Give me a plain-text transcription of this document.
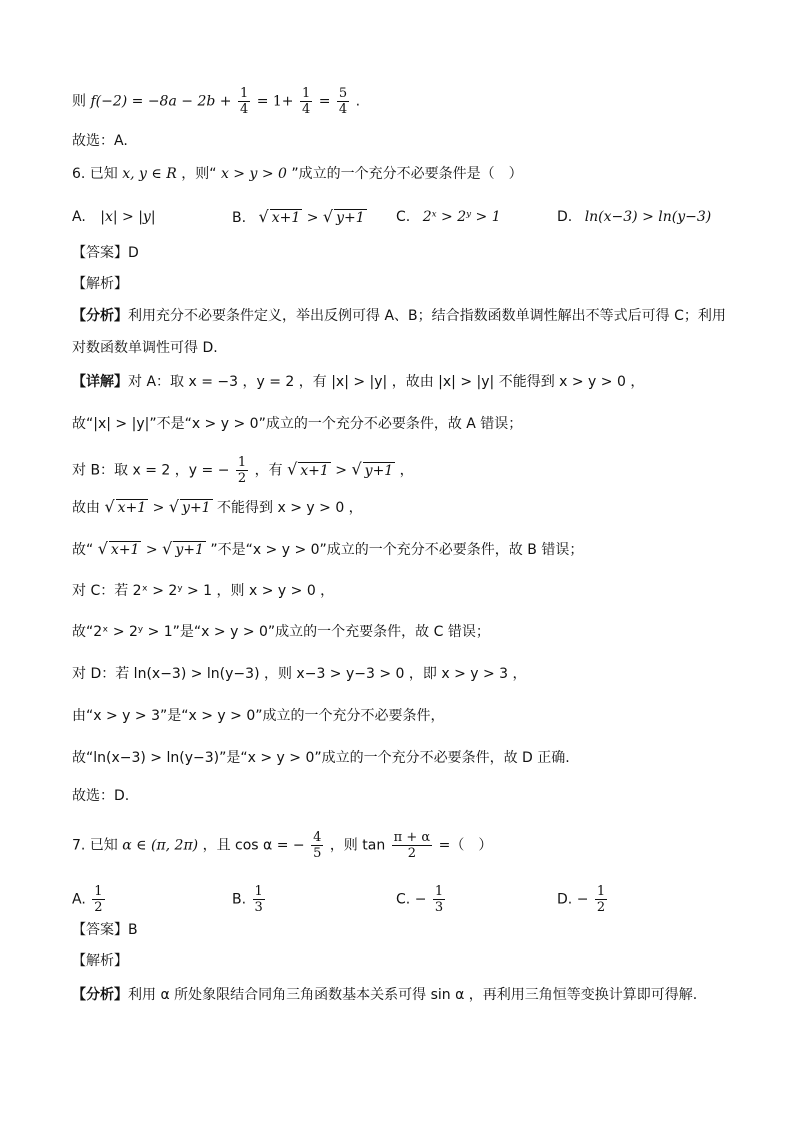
则 $f(-2) = -8a - 2b + \frac{1}{4} = 1+ \frac{1}{4} = \frac{5}{4}$ .
故选：A.
6. 已知 x, y ∈ R ，则“ x > y > 0 ”成立的一个充分不必要条件是（　）
A. |x| > |y|	B. √ x+1 > √ y+1 C. 2ˣ > 2ʸ > 1	D. ln(x−3) > ln(y−3)
【答案】D
【解析】
【分析】利用充分不必要条件定义，举出反例可得 A、B；结合指数函数单调性解出不等式后可得 C；利用
对数函数单调性可得 D.
【详解】对 A：取 x = −3 ，y = 2 ，有 |x| > |y| ，故由 |x| > |y| 不能得到 x > y > 0 ，
故“|x| > |y|”不是“x > y > 0”成立的一个充分不必要条件，故 A 错误；
对 B：取 x = 2 ，y = − $\frac{1}{2}$ ，有 √ x+1 > √ y+1 ，
故由 √ x+1 > √ y+1 不能得到 x > y > 0 ，
故“ √ x+1 > √ y+1 ”不是“x > y > 0”成立的一个充分不必要条件，故 B 错误；
对 C：若 2ˣ > 2ʸ > 1 ，则 x > y > 0 ，
故“2ˣ > 2ʸ > 1”是“x > y > 0”成立的一个充要条件，故 C 错误；
对 D：若 ln(x−3) > ln(y−3) ，则 x−3 > y−3 > 0 ，即 x > y > 3 ，
由“x > y > 3”是“x > y > 0”成立的一个充分不必要条件，
故“ln(x−3) > ln(y−3)”是“x > y > 0”成立的一个充分不必要条件，故 D 正确.
故选：D.
7. 已知 α ∈ (π, 2π) ，且 cos α = − $\frac{4}{5}$ ，则 $\tan \frac{\pi + \alpha}{2}$ =（　）
A. $\frac{1}{2}$	B. $\frac{1}{3}$	C. − $\frac{1}{3}$	D. − $\frac{1}{2}$
【答案】B
【解析】
【分析】利用 α 所处象限结合同角三角函数基本关系可得 sin α ，再利用三角恒等变换计算即可得解.
